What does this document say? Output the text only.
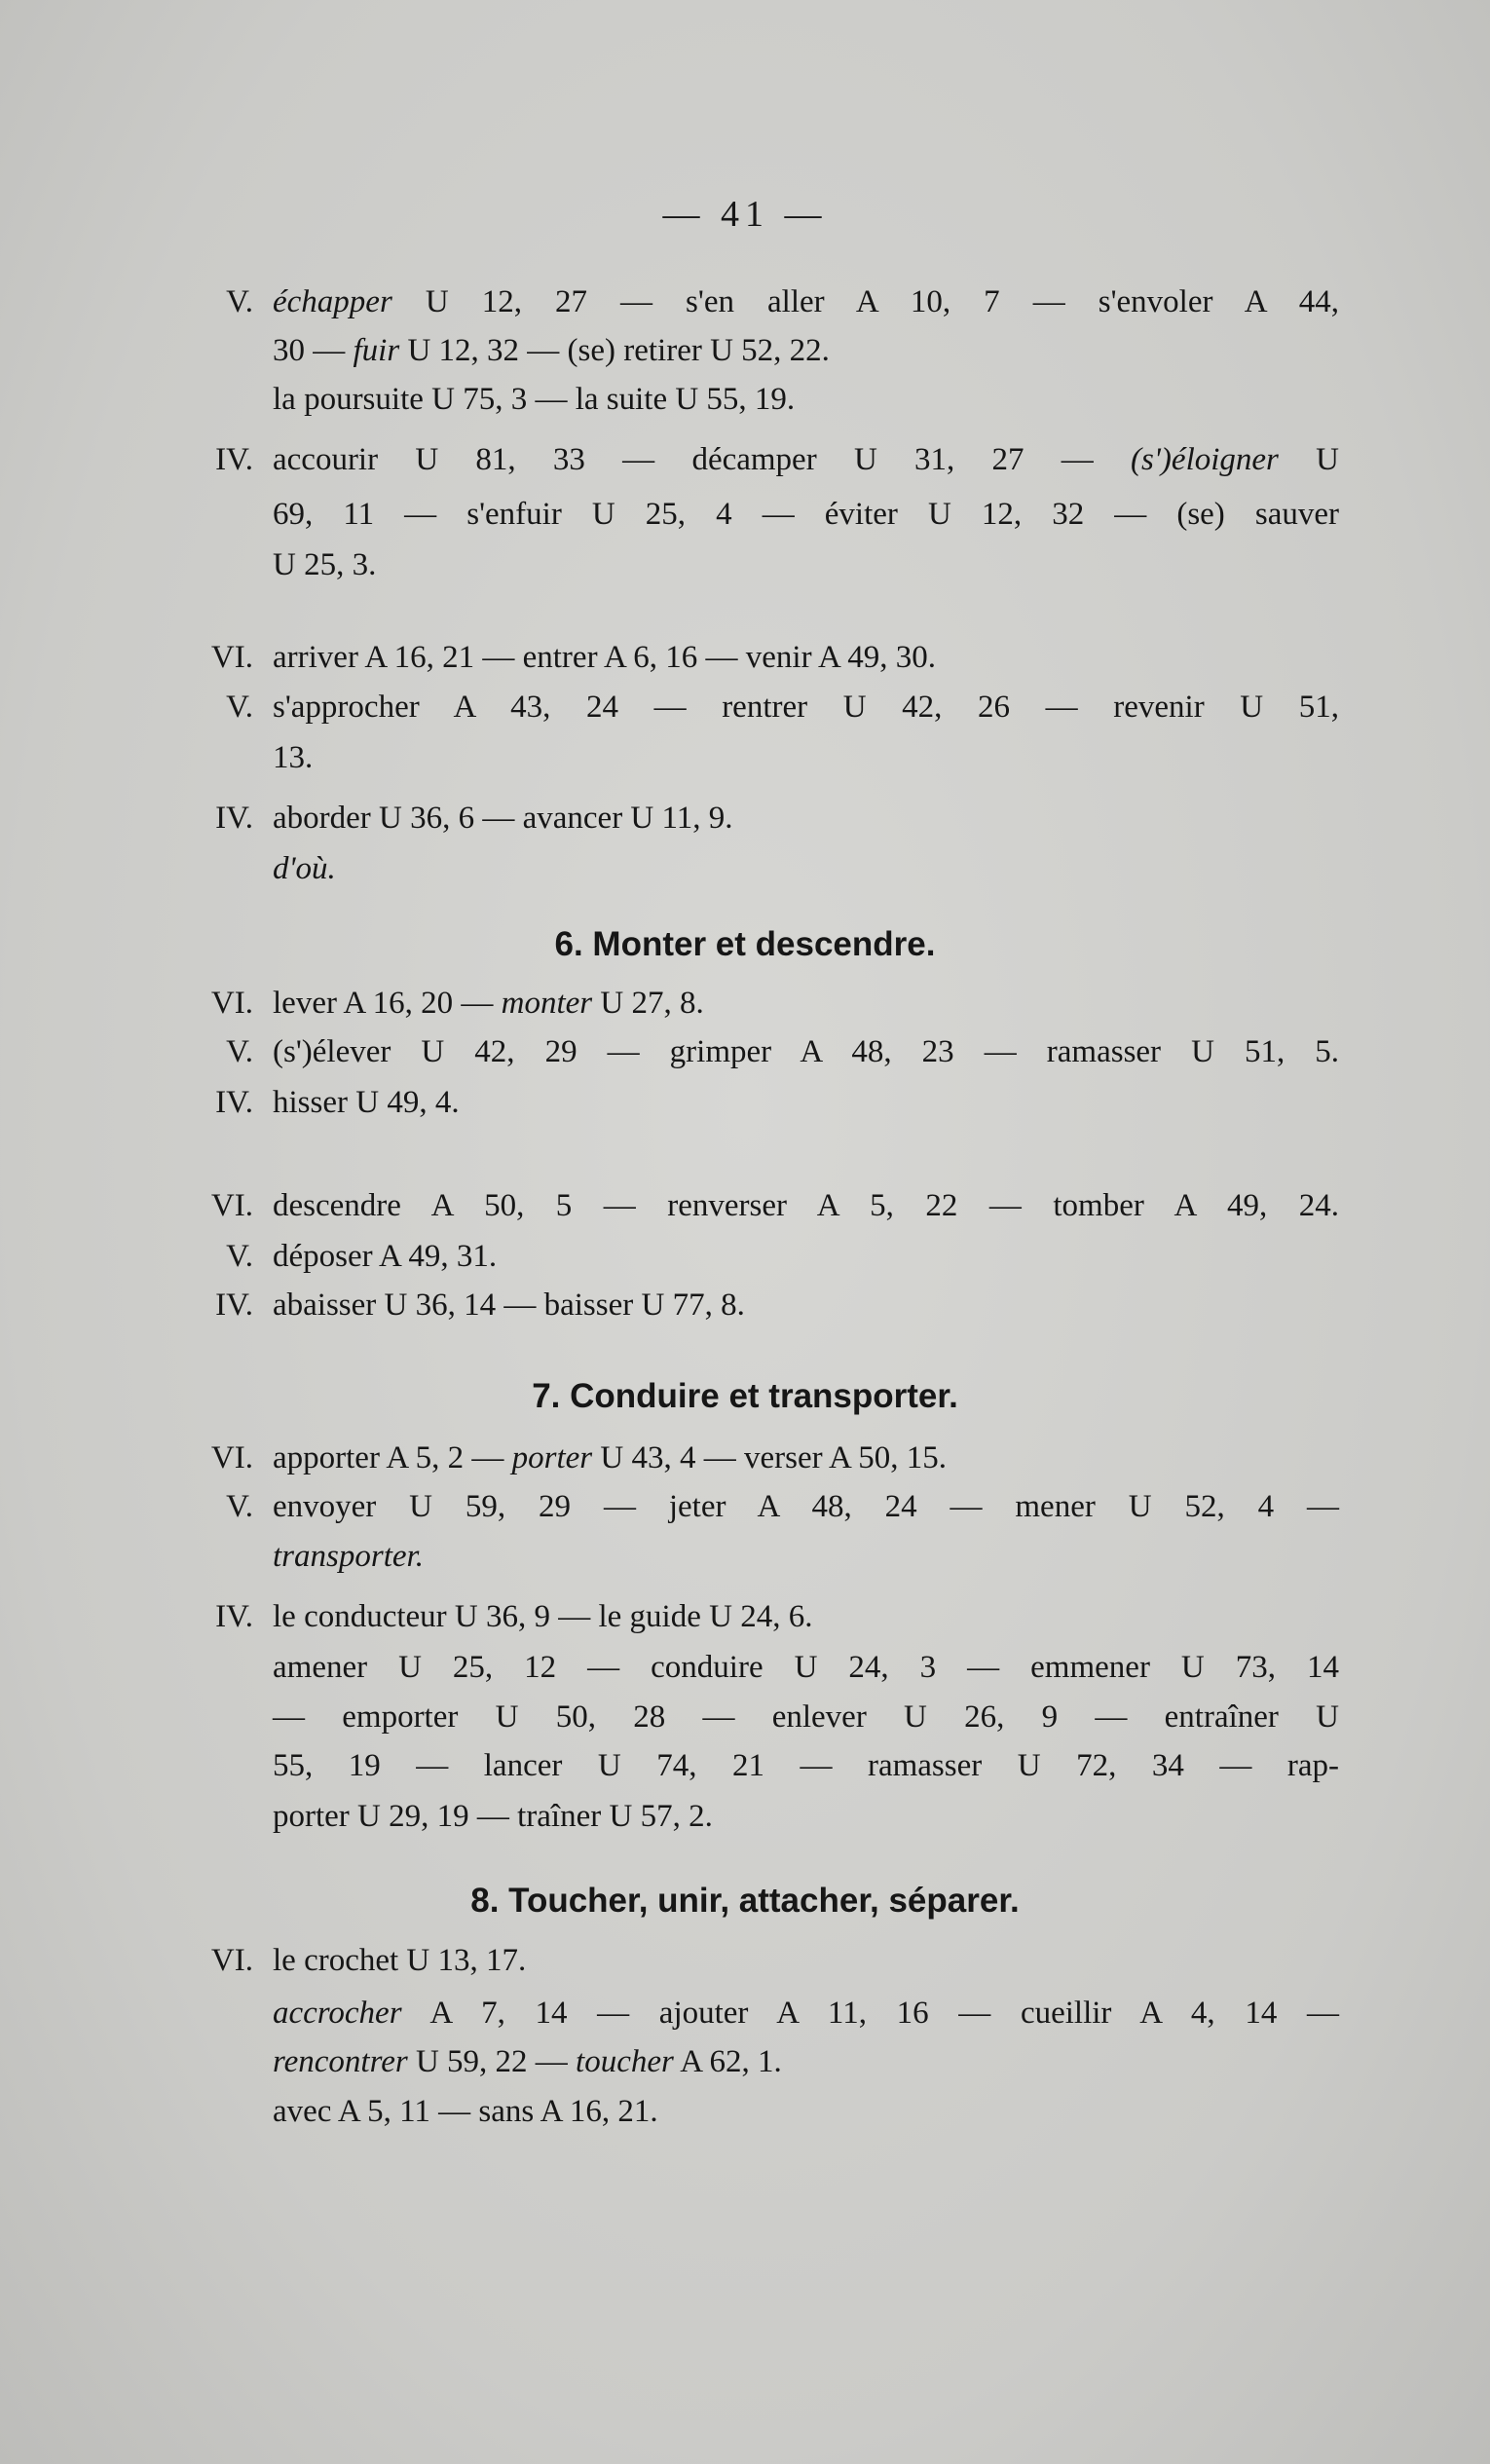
— 41 —
V. échapper U 12, 27 — s'en aller A 10, 7 — s'envoler A 44,
30 — fuir U 12, 32 — (se) retirer U 52, 22.
la poursuite U 75, 3 — la suite U 55, 19.
IV. accourir U 81, 33 — décamper U 31, 27 — (s')éloigner U
69, 11 — s'enfuir U 25, 4 — éviter U 12, 32 — (se) sauver
U 25, 3.
VI. arriver A 16, 21 — entrer A 6, 16 — venir A 49, 30.
V. s'approcher A 43, 24 — rentrer U 42, 26 — revenir U 51,
13.
IV. aborder U 36, 6 — avancer U 11, 9.
d'où.
6. Monter et descendre.
VI. lever A 16, 20 — monter U 27, 8.
V. (s')élever U 42, 29 — grimper A 48, 23 — ramasser U 51, 5.
IV. hisser U 49, 4.
VI. descendre A 50, 5 — renverser A 5, 22 — tomber A 49, 24.
V. déposer A 49, 31.
IV. abaisser U 36, 14 — baisser U 77, 8.
7. Conduire et transporter.
VI. apporter A 5, 2 — porter U 43, 4 — verser A 50, 15.
V. envoyer U 59, 29 — jeter A 48, 24 — mener U 52, 4 —
transporter.
IV. le conducteur U 36, 9 — le guide U 24, 6.
amener U 25, 12 — conduire U 24, 3 — emmener U 73, 14
— emporter U 50, 28 — enlever U 26, 9 — entraîner U
55, 19 — lancer U 74, 21 — ramasser U 72, 34 — rap-
porter U 29, 19 — traîner U 57, 2.
8. Toucher, unir, attacher, séparer.
VI. le crochet U 13, 17.
accrocher A 7, 14 — ajouter A 11, 16 — cueillir A 4, 14 —
rencontrer U 59, 22 — toucher A 62, 1.
avec A 5, 11 — sans A 16, 21.
